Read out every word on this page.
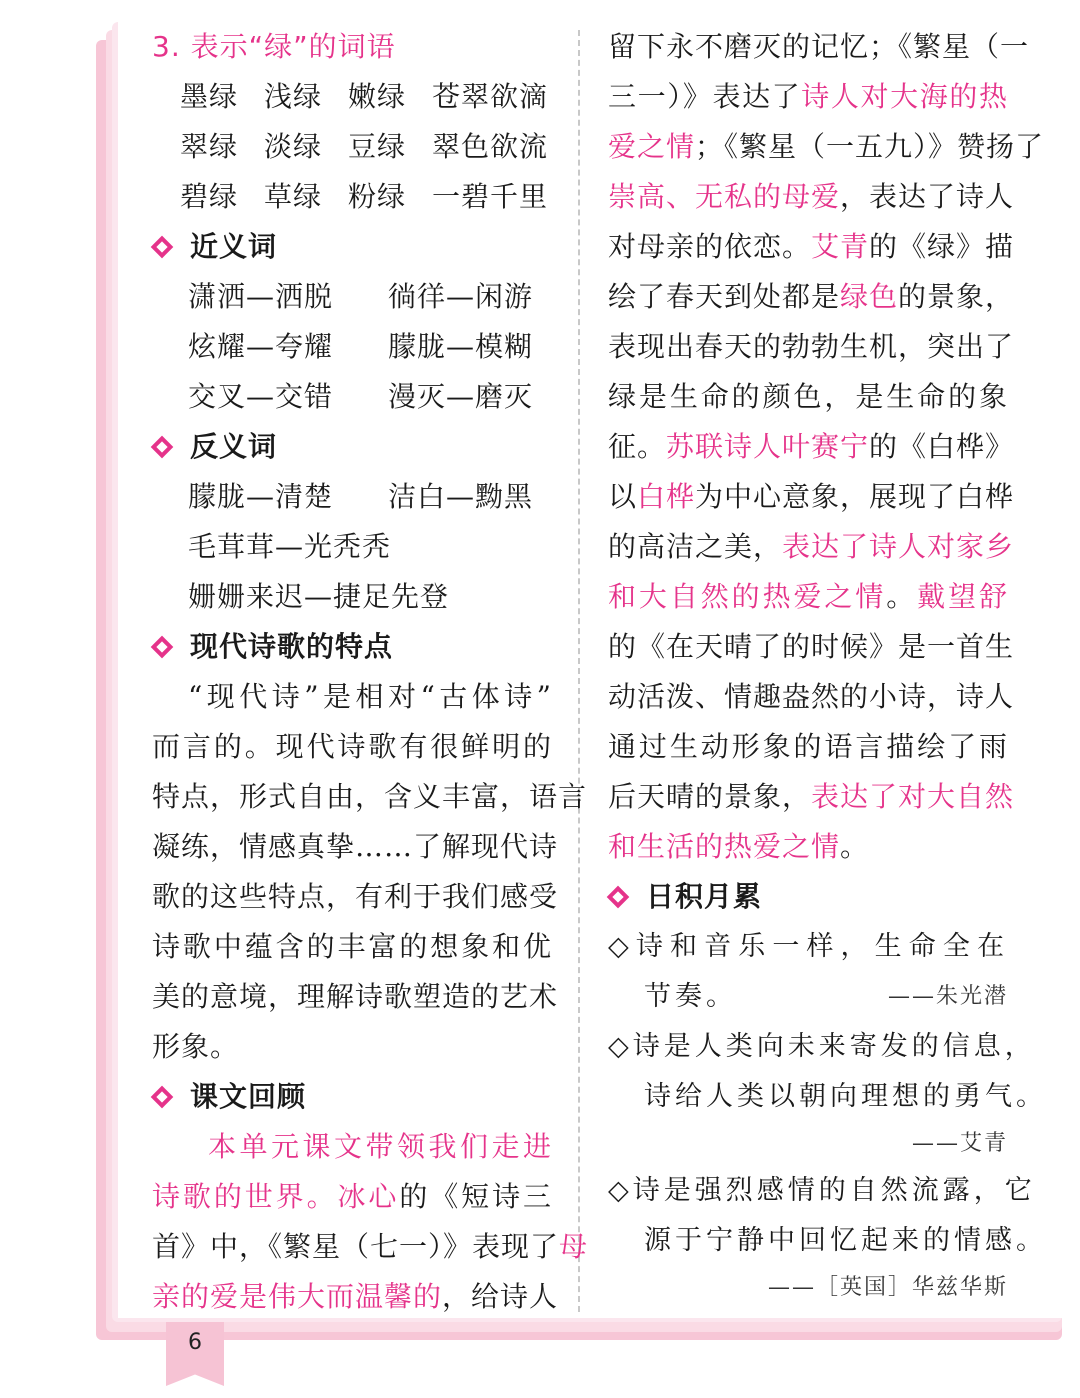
3. 表示“绿”的词语
墨绿 浅绿 嫩绿 苍翠欲滴
翠绿 淡绿 豆绿 翠色欲流
碧绿 草绿 粉绿 一碧千里
近义词
潇洒—洒脱	徜徉—闲游
炫耀—夸耀	朦胧—模糊
交叉—交错	漫灭—磨灭
反义词
朦胧—清楚	洁白—黝黑
毛茸茸—光秃秃
姗姗来迟—捷足先登
现代诗歌的特点
“现代诗”是相对“古体诗”
而言的。现代诗歌有很鲜明的
特点，形式自由，含义丰富，语言
凝练，情感真挚……了解现代诗
歌的这些特点，有利于我们感受
诗歌中蕴含的丰富的想象和优
美的意境，理解诗歌塑造的艺术
形象。
课文回顾
本单元课文带领我们走进
诗歌的世界。冰心的《短诗三
首》中，《繁星（七一）》表现了母
亲的爱是伟大而温馨的，给诗人
留下永不磨灭的记忆；《繁星（一
三一）》表达了诗人对大海的热
爱之情；《繁星（一五九）》赞扬了
崇高、无私的母爱，表达了诗人
对母亲的依恋。艾青的《绿》描
绘了春天到处都是绿色的景象，
表现出春天的勃勃生机，突出了
绿是生命的颜色，是生命的象
征。苏联诗人叶赛宁的《白桦》
以白桦为中心意象，展现了白桦
的高洁之美，表达了诗人对家乡
和大自然的热爱之情。戴望舒
的《在天晴了的时候》是一首生
动活泼、情趣盎然的小诗，诗人
通过生动形象的语言描绘了雨
后天晴的景象，表达了对大自然
和生活的热爱之情。
日积月累
◇诗和音乐一样，生命全在
节奏。	——朱光潜
◇诗是人类向未来寄发的信息，
诗给人类以朝向理想的勇气。
——艾青
◇诗是强烈感情的自然流露，它
源于宁静中回忆起来的情感。
——［英国］华兹华斯
6
